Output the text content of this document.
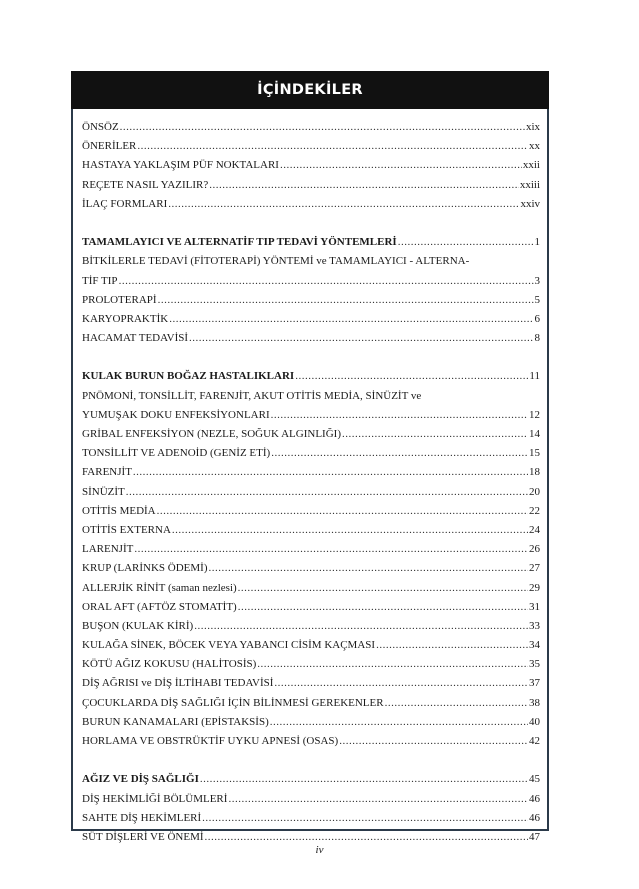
İÇİNDEKİLER
ÖNSÖZ .....	xix
ÖNERİLER .....	xx
HASTAYA YAKLAŞIM PÜF NOKTALARI .....	xxii
REÇETE NASIL YAZILIR? .....	xxiii
İLAÇ FORMLARI .....	xxiv
TAMAMLAYICI VE ALTERNATİF TIP TEDAVİ YÖNTEMLERİ .....	1
BİTKİLERLE TEDAVİ (FİTOTERAPİ) YÖNTEMİ ve TAMAMLAYICI - ALTERNA-
TİF TIP .....	3
PROLOTERAPİ .....	5
KARYOPRAKTİK .....	6
HACAMAT TEDAVİSİ .....	8
KULAK BURUN BOĞAZ HASTALIKLARI .....	11
PNÖMONİ, TONSİLLİT, FARENJİT, AKUT OTİTİS MEDİA, SİNÜZİT ve
YUMUŞAK DOKU ENFEKSİYONLARI .....	12
GRİBAL ENFEKSİYON (NEZLE, SOĞUK ALGINLIĞI) .....	14
TONSİLLİT VE ADENOİD (GENİZ ETİ) .....	15
FARENJİT .....	18
SİNÜZİT .....	20
OTİTİS MEDİA .....	22
OTİTİS EXTERNA .....	24
LARENJİT .....	26
KRUP (LARİNKS ÖDEMİ) .....	27
ALLERJİK RİNİT (saman nezlesi) .....	29
ORAL AFT (AFTÖZ STOMATİT) .....	31
BUŞON (KULAK KİRİ) .....	33
KULAĞA SİNEK, BÖCEK VEYA YABANCI CİSİM KAÇMASI .....	34
KÖTÜ AĞIZ KOKUSU (HALİTOSİS) .....	35
DİŞ AĞRISI ve DİŞ İLTİHABI TEDAVİSİ .....	37
ÇOCUKLARDA DİŞ SAĞLIĞI İÇİN BİLİNMESİ GEREKENLER .....	38
BURUN KANAMALARI (EPİSTAKSİS) .....	40
HORLAMA VE OBSTRÜKTİF UYKU APNESİ (OSAS) .....	42
AĞIZ VE DİŞ SAĞLIĞI .....	45
DİŞ HEKİMLİĞİ BÖLÜMLERİ .....	46
SAHTE DİŞ HEKİMLERİ .....	46
SÜT DİŞLERİ VE ÖNEMİ .....	47
iv
